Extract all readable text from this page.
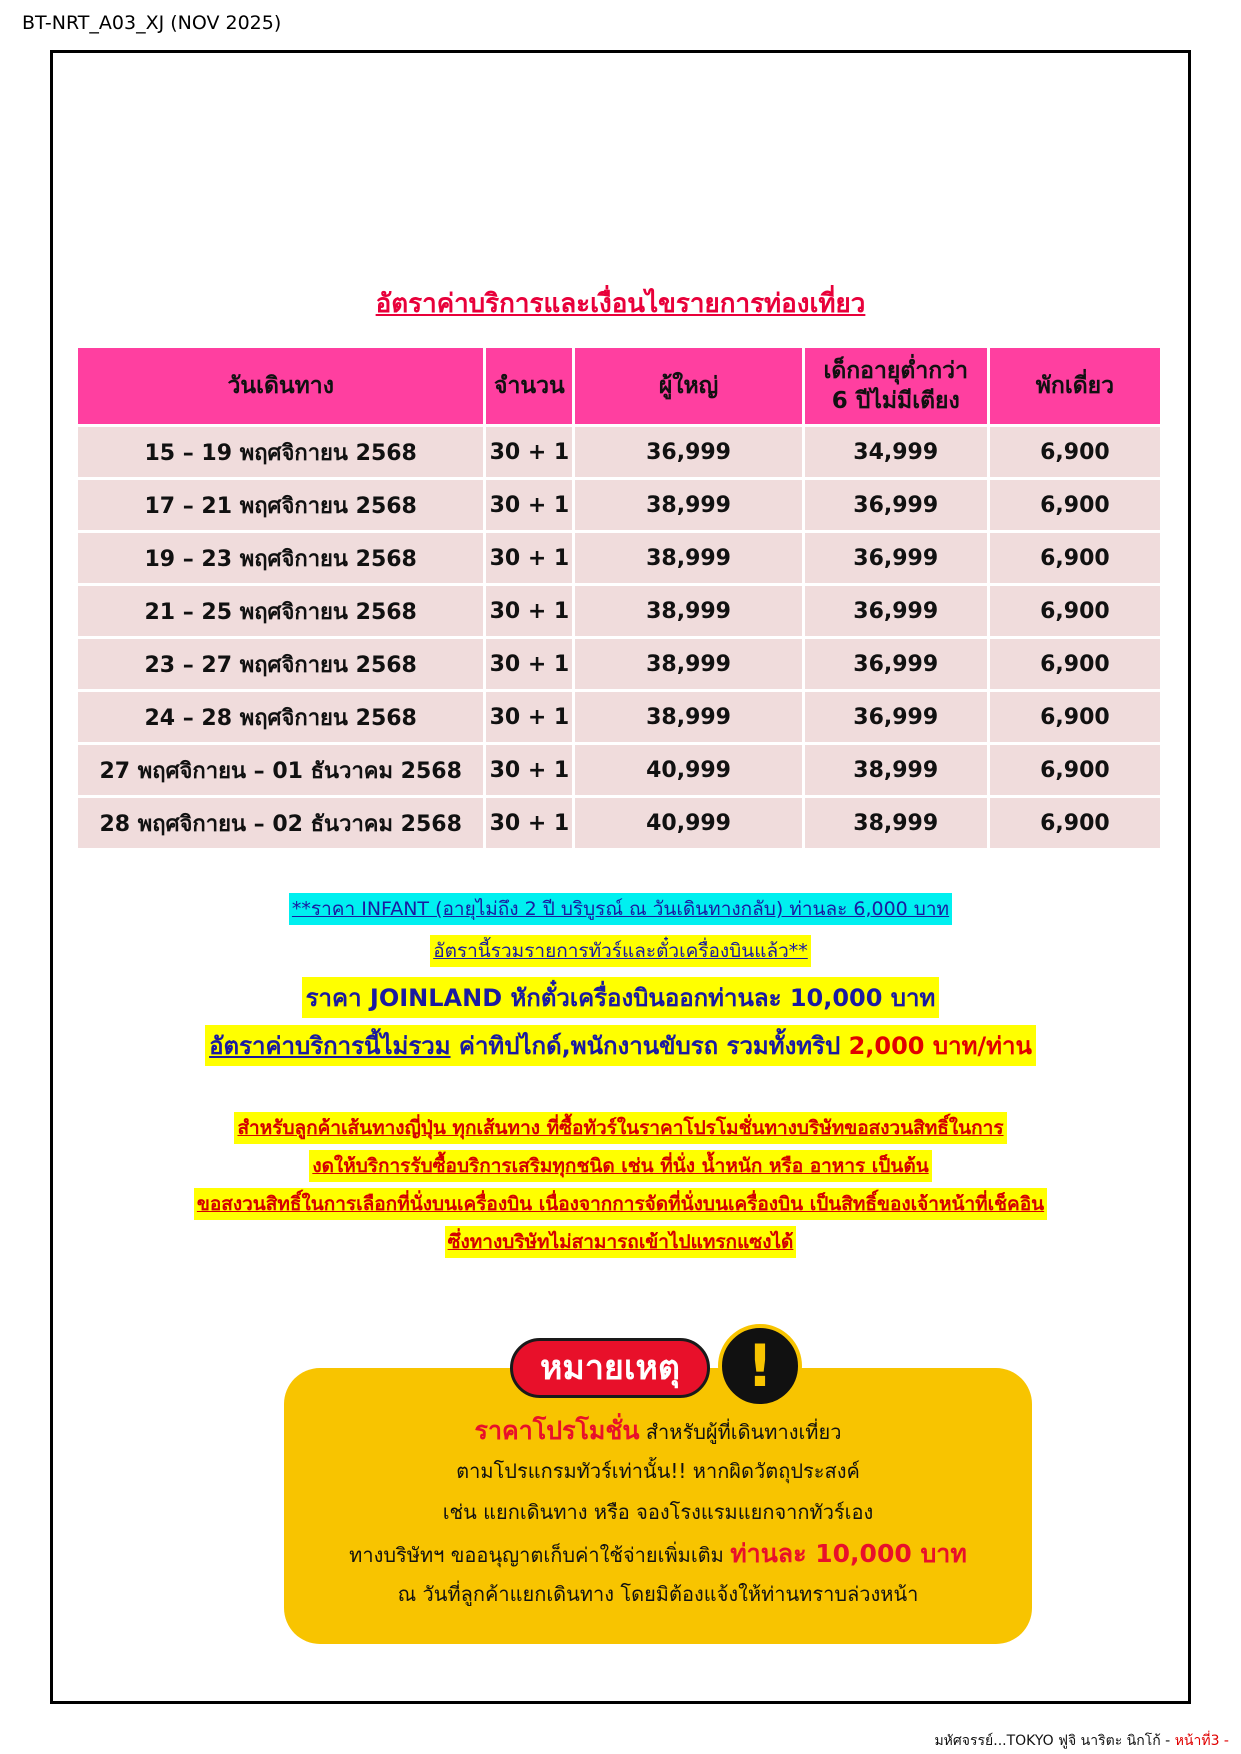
BT-NRT_A03_XJ (NOV 2025)
อัตราค่าบริการและเงื่อนไขรายการท่องเที่ยว
วันเดินทาง	จำนวน	ผู้ใหญ่	เด็กอายุต่ำกว่า
6 ปีไม่มีเตียง	พักเดี่ยว
15 – 19 พฤศจิกายน 2568	30 + 1	36,999	34,999	6,900
17 – 21 พฤศจิกายน 2568	30 + 1	38,999	36,999	6,900
19 – 23 พฤศจิกายน 2568	30 + 1	38,999	36,999	6,900
21 – 25 พฤศจิกายน 2568	30 + 1	38,999	36,999	6,900
23 – 27 พฤศจิกายน 2568	30 + 1	38,999	36,999	6,900
24 – 28 พฤศจิกายน 2568	30 + 1	38,999	36,999	6,900
27 พฤศจิกายน – 01 ธันวาคม 2568	30 + 1	40,999	38,999	6,900
28 พฤศจิกายน – 02 ธันวาคม 2568	30 + 1	40,999	38,999	6,900
**ราคา INFANT (อายุไม่ถึง 2 ปี บริบูรณ์ ณ วันเดินทางกลับ) ท่านละ 6,000 บาท
อัตรานี้รวมรายการทัวร์และตั๋วเครื่องบินแล้ว**
ราคา JOINLAND หักตั๋วเครื่องบินออกท่านละ 10,000 บาท
อัตราค่าบริการนี้ไม่รวม ค่าทิปไกด์,พนักงานขับรถ รวมทั้งทริป 2,000 บาท/ท่าน
สำหรับลูกค้าเส้นทางญี่ปุ่น ทุกเส้นทาง ที่ซื้อทัวร์ในราคาโปรโมชั่นทางบริษัทขอสงวนสิทธิ์ในการ
งดให้บริการรับซื้อบริการเสริมทุกชนิด เช่น ที่นั่ง น้ำหนัก หรือ อาหาร เป็นต้น
ขอสงวนสิทธิ์ในการเลือกที่นั่งบนเครื่องบิน เนื่องจากการจัดที่นั่งบนเครื่องบิน เป็นสิทธิ์ของเจ้าหน้าที่เช็คอิน
ซึ่งทางบริษัทไม่สามารถเข้าไปแทรกแซงได้
หมายเหตุ	!
ราคาโปรโมชั่น สำหรับผู้ที่เดินทางเที่ยว
ตามโปรแกรมทัวร์เท่านั้น!! หากผิดวัตถุประสงค์
เช่น แยกเดินทาง หรือ จองโรงแรมแยกจากทัวร์เอง
ทางบริษัทฯ ขออนุญาตเก็บค่าใช้จ่ายเพิ่มเติม ท่านละ 10,000 บาท
ณ วันที่ลูกค้าแยกเดินทาง โดยมิต้องแจ้งให้ท่านทราบล่วงหน้า
มหัศจรรย์...TOKYO ฟูจิ นาริตะ นิกโก้ - หน้าที่3 -
